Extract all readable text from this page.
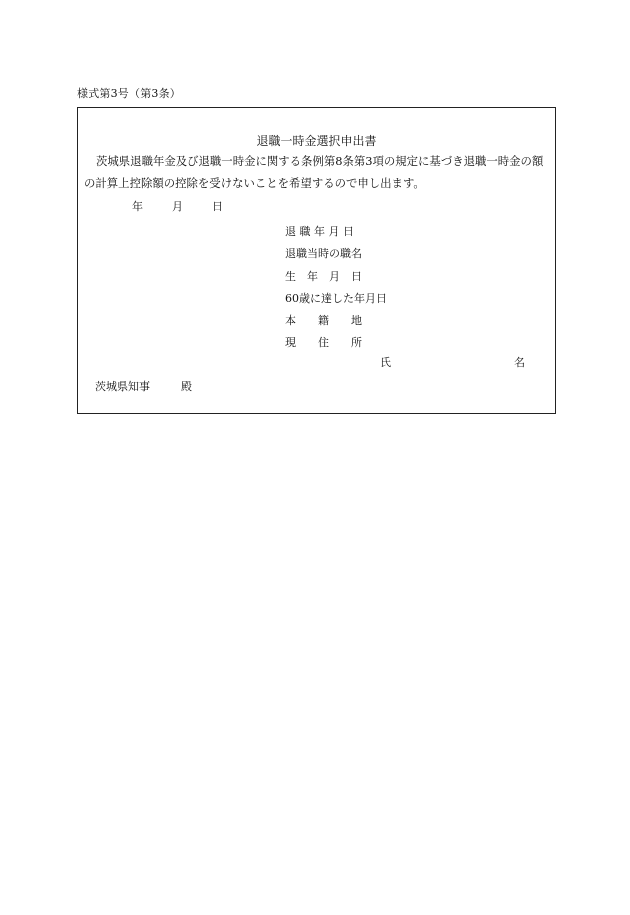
様式第3号（第3条）
退職一時金選択申出書
茨城県退職年金及び退職一時金に関する条例第8条第3項の規定に基づき退職一時金の額の計算上控除額の控除を受けないことを希望するので申し出ます。
年	月	日
退 職 年 月 日
退職当時の職名
生　年　月　日
60歳に達した年月日
本　　籍　　地
現　　住　　所
氏	名
茨城県知事	殿
